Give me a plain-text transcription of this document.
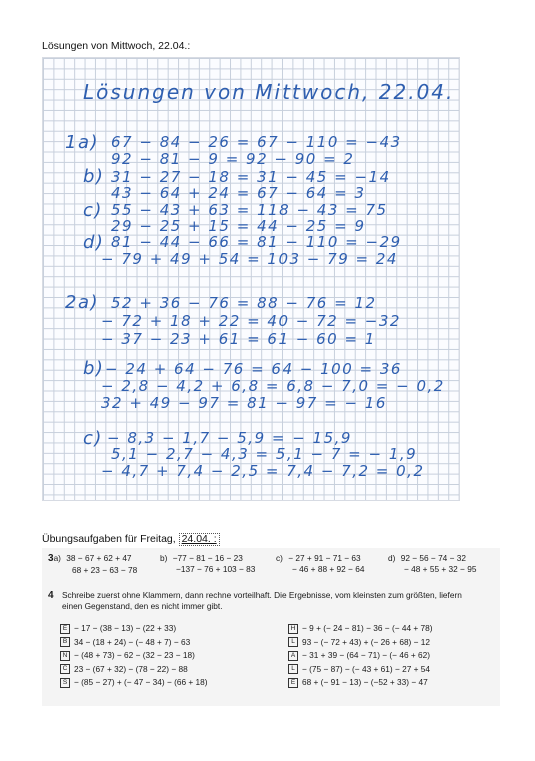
Lösungen von Mittwoch, 22.04.:
Lösungen von Mittwoch, 22.04.
1a) 67 − 84 − 26 = 67 − 110 = −43
92 − 81 − 9 = 92 − 90 = 2
b) 31 − 27 − 18 = 31 − 45 = −14
43 − 64 + 24 = 67 − 64 = 3
c) 55 − 43 + 63 = 118 − 43 = 75
29 − 25 + 15 = 44 − 25 = 9
d) 81 − 44 − 66 = 81 − 110 = −29
− 79 + 49 + 54 = 103 − 79 = 24
2a) 52 + 36 − 76 = 88 − 76 = 12
− 72 + 18 + 22 = 40 − 72 = −32
− 37 − 23 + 61 = 61 − 60 = 1
b) − 24 + 64 − 76 = 64 − 100 = 36
− 2,8 − 4,2 + 6,8 = 6,8 − 7,0 = − 0,2
32 + 49 − 97 = 81 − 97 = − 16
c) − 8,3 − 1,7 − 5,9 = − 15,9
5,1 − 2,7 − 4,3 = 5,1 − 7 = − 1,9
− 4,7 + 7,4 − 2,5 = 7,4 − 7,2 = 0,2
Übungsaufgaben für Freitag, 24.04. :
3a) 38 − 67 + 62 + 47
68 + 23 − 63 − 78
b) −77 − 81 − 16 − 23
−137 − 76 + 103 − 83
c) − 27 + 91 − 71 − 63
− 46 + 88 + 92 − 64
d) 92 − 56 − 74 − 32
− 48 + 55 + 32 − 95
4 Schreibe zuerst ohne Klammern, dann rechne vorteilhaft. Die Ergebnisse, vom kleinsten zum größten, liefern einen Gegenstand, den es nicht immer gibt.
E − 17 − (38 − 13) − (22 + 33)
B 34 − (18 + 24) − (− 48 + 7) − 63
N − (48 + 73) − 62 − (32 − 23 − 18)
C 23 − (67 + 32) − (78 − 22) − 88
S − (85 − 27) + (− 47 − 34) − (66 + 18)
H − 9 + (− 24 − 81) − 36 − (− 44 + 78)
L 93 − (− 72 + 43) + (− 26 + 68) − 12
A − 31 + 39 − (64 − 71) − (− 46 + 62)
L − (75 − 87) − (− 43 + 61) − 27 + 54
E 68 + (− 91 − 13) − (−52 + 33) − 47
